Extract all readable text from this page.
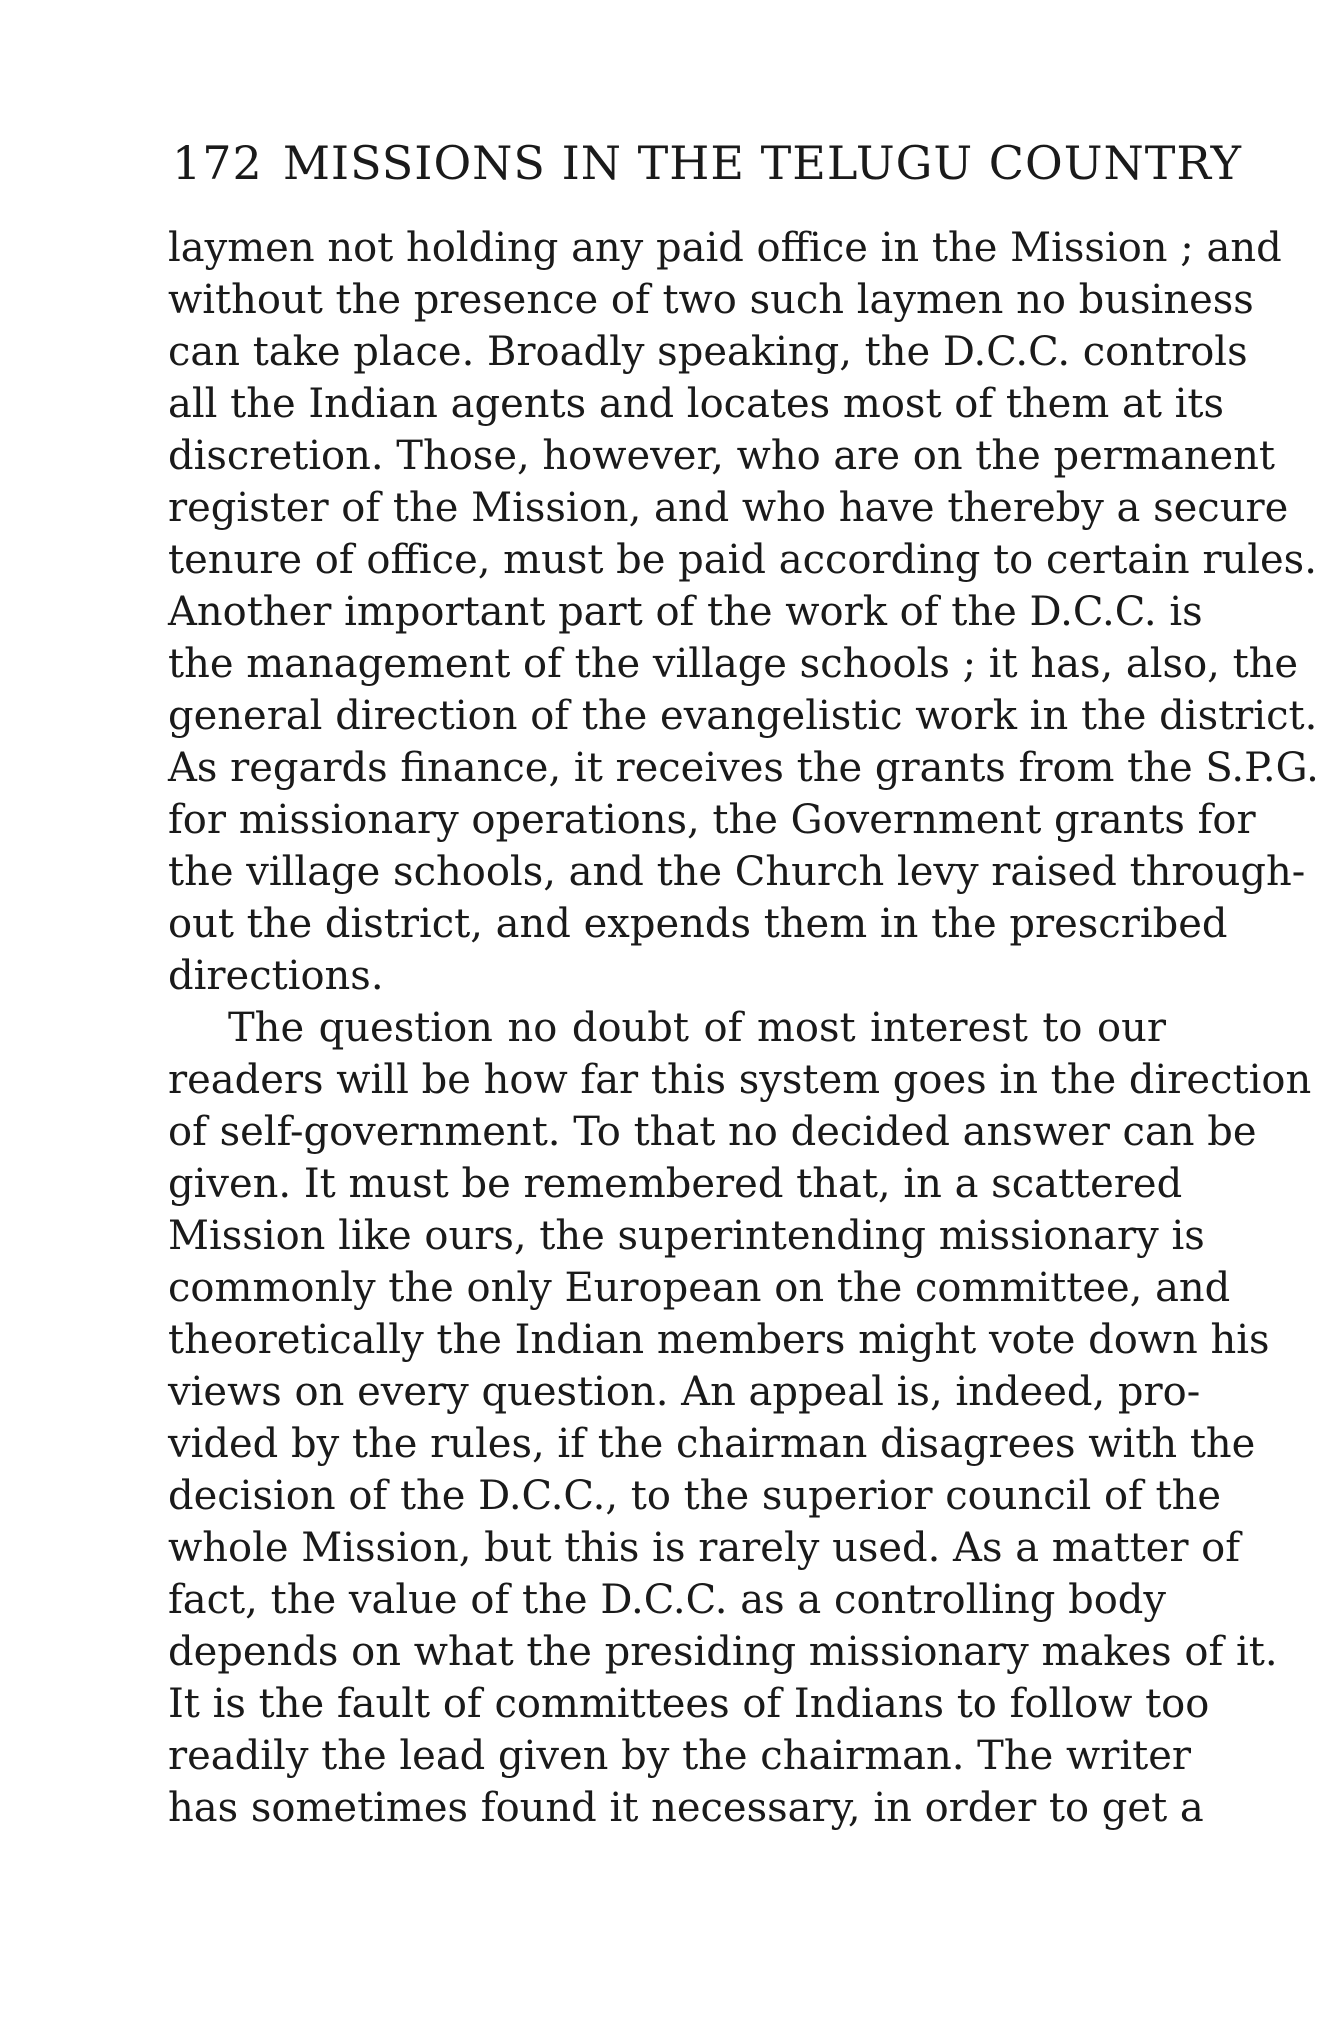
172 MISSIONS IN THE TELUGU COUNTRY
laymen not holding any paid office in the Mission ; and
without the presence of two such laymen no business
can take place. Broadly speaking, the D.C.C. controls
all the Indian agents and locates most of them at its
discretion. Those, however, who are on the permanent
register of the Mission, and who have thereby a secure
tenure of office, must be paid according to certain rules.
Another important part of the work of the D.C.C. is
the management of the village schools ; it has, also, the
general direction of the evangelistic work in the district.
As regards finance, it receives the grants from the S.P.G.
for missionary operations, the Government grants for
the village schools, and the Church levy raised through-
out the district, and expends them in the prescribed
directions.
The question no doubt of most interest to our
readers will be how far this system goes in the direction
of self-government. To that no decided answer can be
given. It must be remembered that, in a scattered
Mission like ours, the superintending missionary is
commonly the only European on the committee, and
theoretically the Indian members might vote down his
views on every question. An appeal is, indeed, pro-
vided by the rules, if the chairman disagrees with the
decision of the D.C.C., to the superior council of the
whole Mission, but this is rarely used. As a matter of
fact, the value of the D.C.C. as a controlling body
depends on what the presiding missionary makes of it.
It is the fault of committees of Indians to follow too
readily the lead given by the chairman. The writer
has sometimes found it necessary, in order to get a
